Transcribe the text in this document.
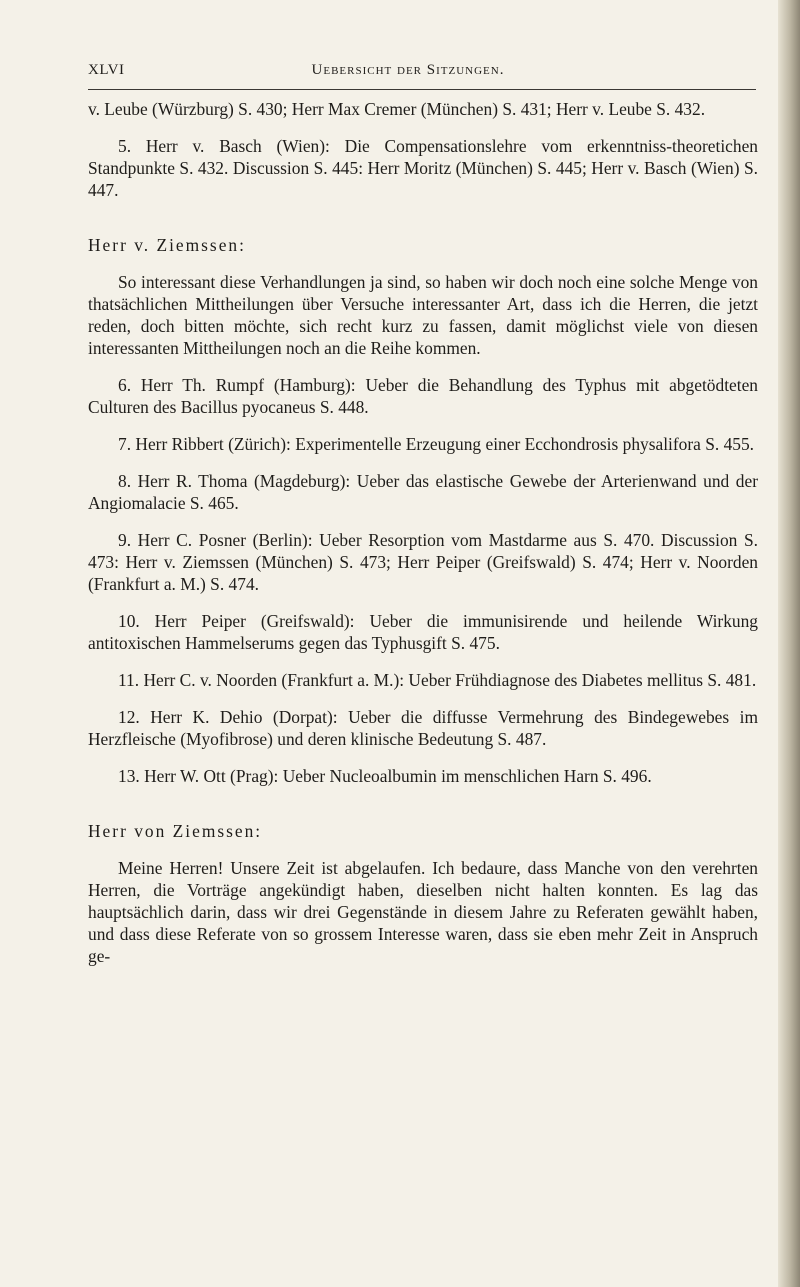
XLVI	Uebersicht der Sitzungen.

v. Leube (Würzburg) S. 430; Herr Max Cremer (München) S. 431; Herr v. Leube S. 432.

5. Herr v. Basch (Wien): Die Compensationslehre vom erkenntniss-theoretichen Standpunkte S. 432. Discussion S. 445: Herr Moritz (München) S. 445; Herr v. Basch (Wien) S. 447.

Herr v. Ziemssen:

So interessant diese Verhandlungen ja sind, so haben wir doch noch eine solche Menge von thatsächlichen Mittheilungen über Versuche interessanter Art, dass ich die Herren, die jetzt reden, doch bitten möchte, sich recht kurz zu fassen, damit möglichst viele von diesen interessanten Mittheilungen noch an die Reihe kommen.

6. Herr Th. Rumpf (Hamburg): Ueber die Behandlung des Typhus mit abgetödteten Culturen des Bacillus pyocaneus S. 448.

7. Herr Ribbert (Zürich): Experimentelle Erzeugung einer Ecchondrosis physalifora S. 455.

8. Herr R. Thoma (Magdeburg): Ueber das elastische Gewebe der Arterienwand und der Angiomalacie S. 465.

9. Herr C. Posner (Berlin): Ueber Resorption vom Mastdarme aus S. 470. Discussion S. 473: Herr v. Ziemssen (München) S. 473; Herr Peiper (Greifswald) S. 474; Herr v. Noorden (Frankfurt a. M.) S. 474.

10. Herr Peiper (Greifswald): Ueber die immunisirende und heilende Wirkung antitoxischen Hammelserums gegen das Typhusgift S. 475.

11. Herr C. v. Noorden (Frankfurt a. M.): Ueber Frühdiagnose des Diabetes mellitus S. 481.

12. Herr K. Dehio (Dorpat): Ueber die diffusse Vermehrung des Bindegewebes im Herzfleische (Myofibrose) und deren klinische Bedeutung S. 487.

13. Herr W. Ott (Prag): Ueber Nucleoalbumin im menschlichen Harn S. 496.

Herr von Ziemssen:

Meine Herren! Unsere Zeit ist abgelaufen. Ich bedaure, dass Manche von den verehrten Herren, die Vorträge angekündigt haben, dieselben nicht halten konnten. Es lag das hauptsächlich darin, dass wir drei Gegenstände in diesem Jahre zu Referaten gewählt haben, und dass diese Referate von so grossem Interesse waren, dass sie eben mehr Zeit in Anspruch ge-
